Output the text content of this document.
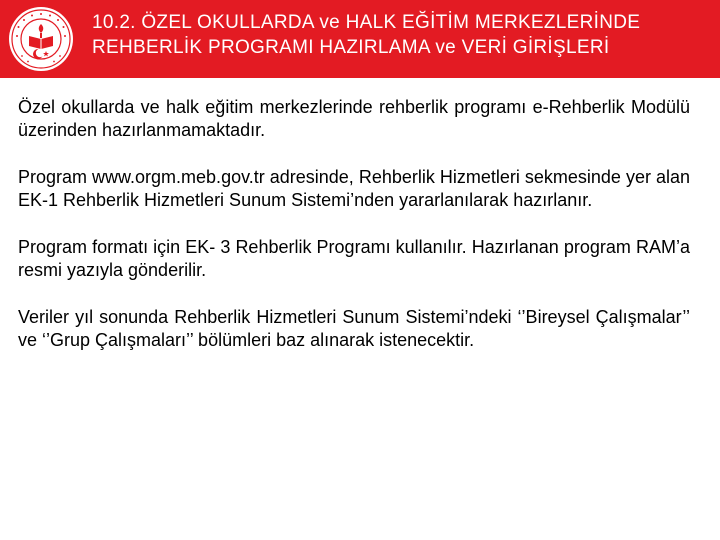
10.2. ÖZEL OKULLARDA ve HALK EĞİTİM MERKEZLERİNDE
REHBERLİK PROGRAMI HAZIRLAMA ve VERİ GİRİŞLERİ

Özel okullarda ve halk eğitim merkezlerinde rehberlik programı e-Rehberlik Modülü üzerinden hazırlanmamaktadır.

Program www.orgm.meb.gov.tr adresinde, Rehberlik Hizmetleri sekmesinde yer alan EK-1 Rehberlik Hizmetleri Sunum Sistemi’nden yararlanılarak hazırlanır.

Program formatı için EK- 3 Rehberlik Programı kullanılır. Hazırlanan program RAM’a resmi yazıyla gönderilir.

Veriler yıl sonunda Rehberlik Hizmetleri Sunum Sistemi’ndeki ‘’Bireysel Çalışmalar’’ ve ‘’Grup Çalışmaları’’ bölümleri baz alınarak istenecektir.
